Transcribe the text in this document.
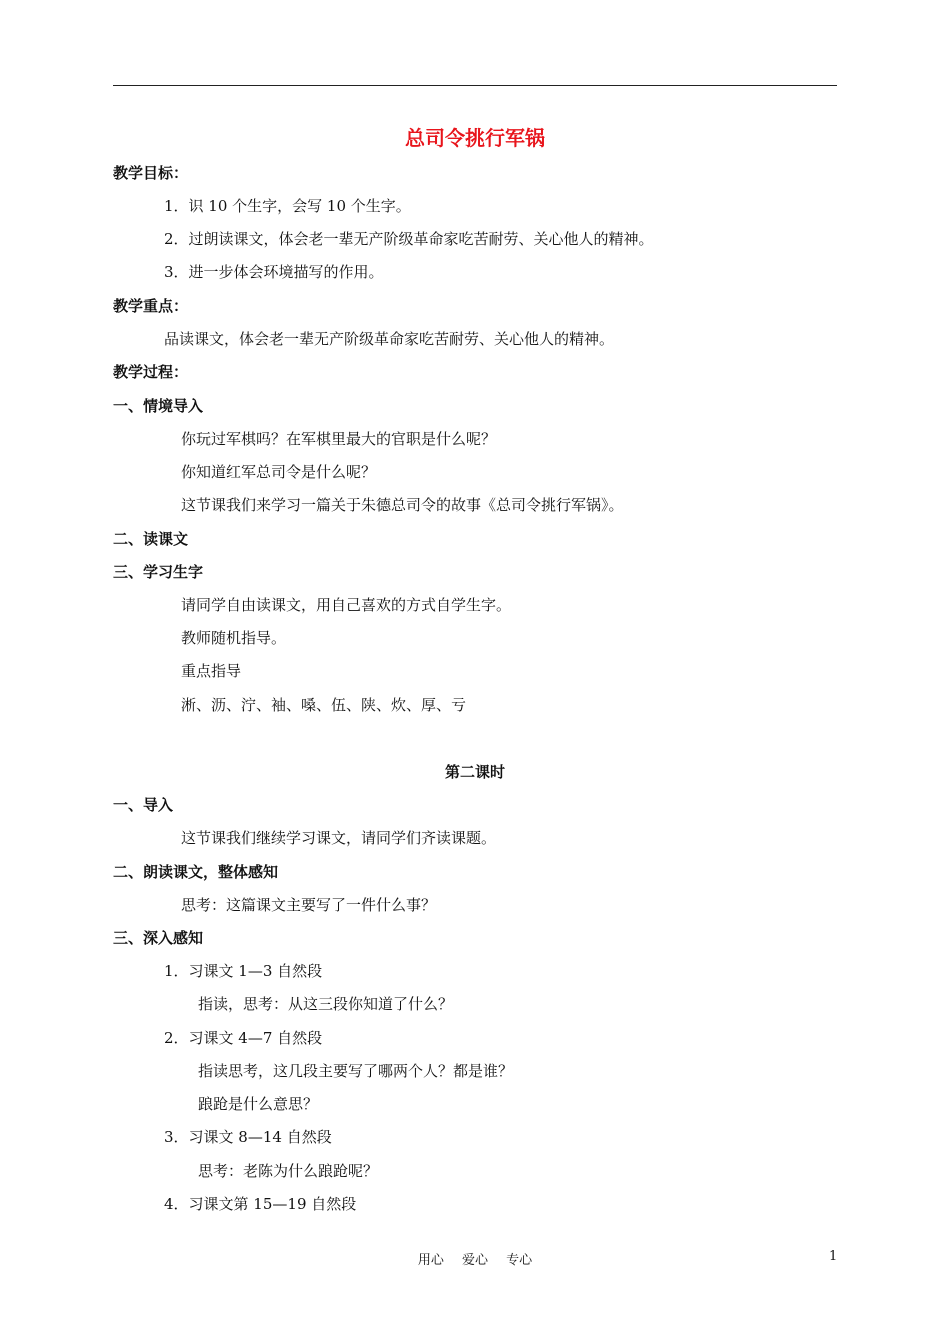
总司令挑行军锅
教学目标：
1．识 10 个生字，会写 10 个生字。
2．过朗读课文，体会老一辈无产阶级革命家吃苦耐劳、关心他人的精神。
3．进一步体会环境描写的作用。
教学重点：
品读课文，体会老一辈无产阶级革命家吃苦耐劳、关心他人的精神。
教学过程：
一、情境导入
你玩过军棋吗？在军棋里最大的官职是什么呢？
你知道红军总司令是什么呢？
这节课我们来学习一篇关于朱德总司令的故事《总司令挑行军锅》。
二、读课文
三、学习生字
请同学自由读课文，用自己喜欢的方式自学生字。
教师随机指导。
重点指导
淅、沥、泞、袖、嗓、伍、陕、炊、厚、亏
第二课时
一、导入
这节课我们继续学习课文，请同学们齐读课题。
二、朗读课文，整体感知
思考：这篇课文主要写了一件什么事？
三、深入感知
1．习课文 1—3 自然段
指读，思考：从这三段你知道了什么？
2．习课文 4—7 自然段
指读思考，这几段主要写了哪两个人？都是谁？
踉跄是什么意思？
3．习课文 8—14 自然段
思考：老陈为什么踉跄呢？
4．习课文第 15—19 自然段
用心 爱心 专心	1
